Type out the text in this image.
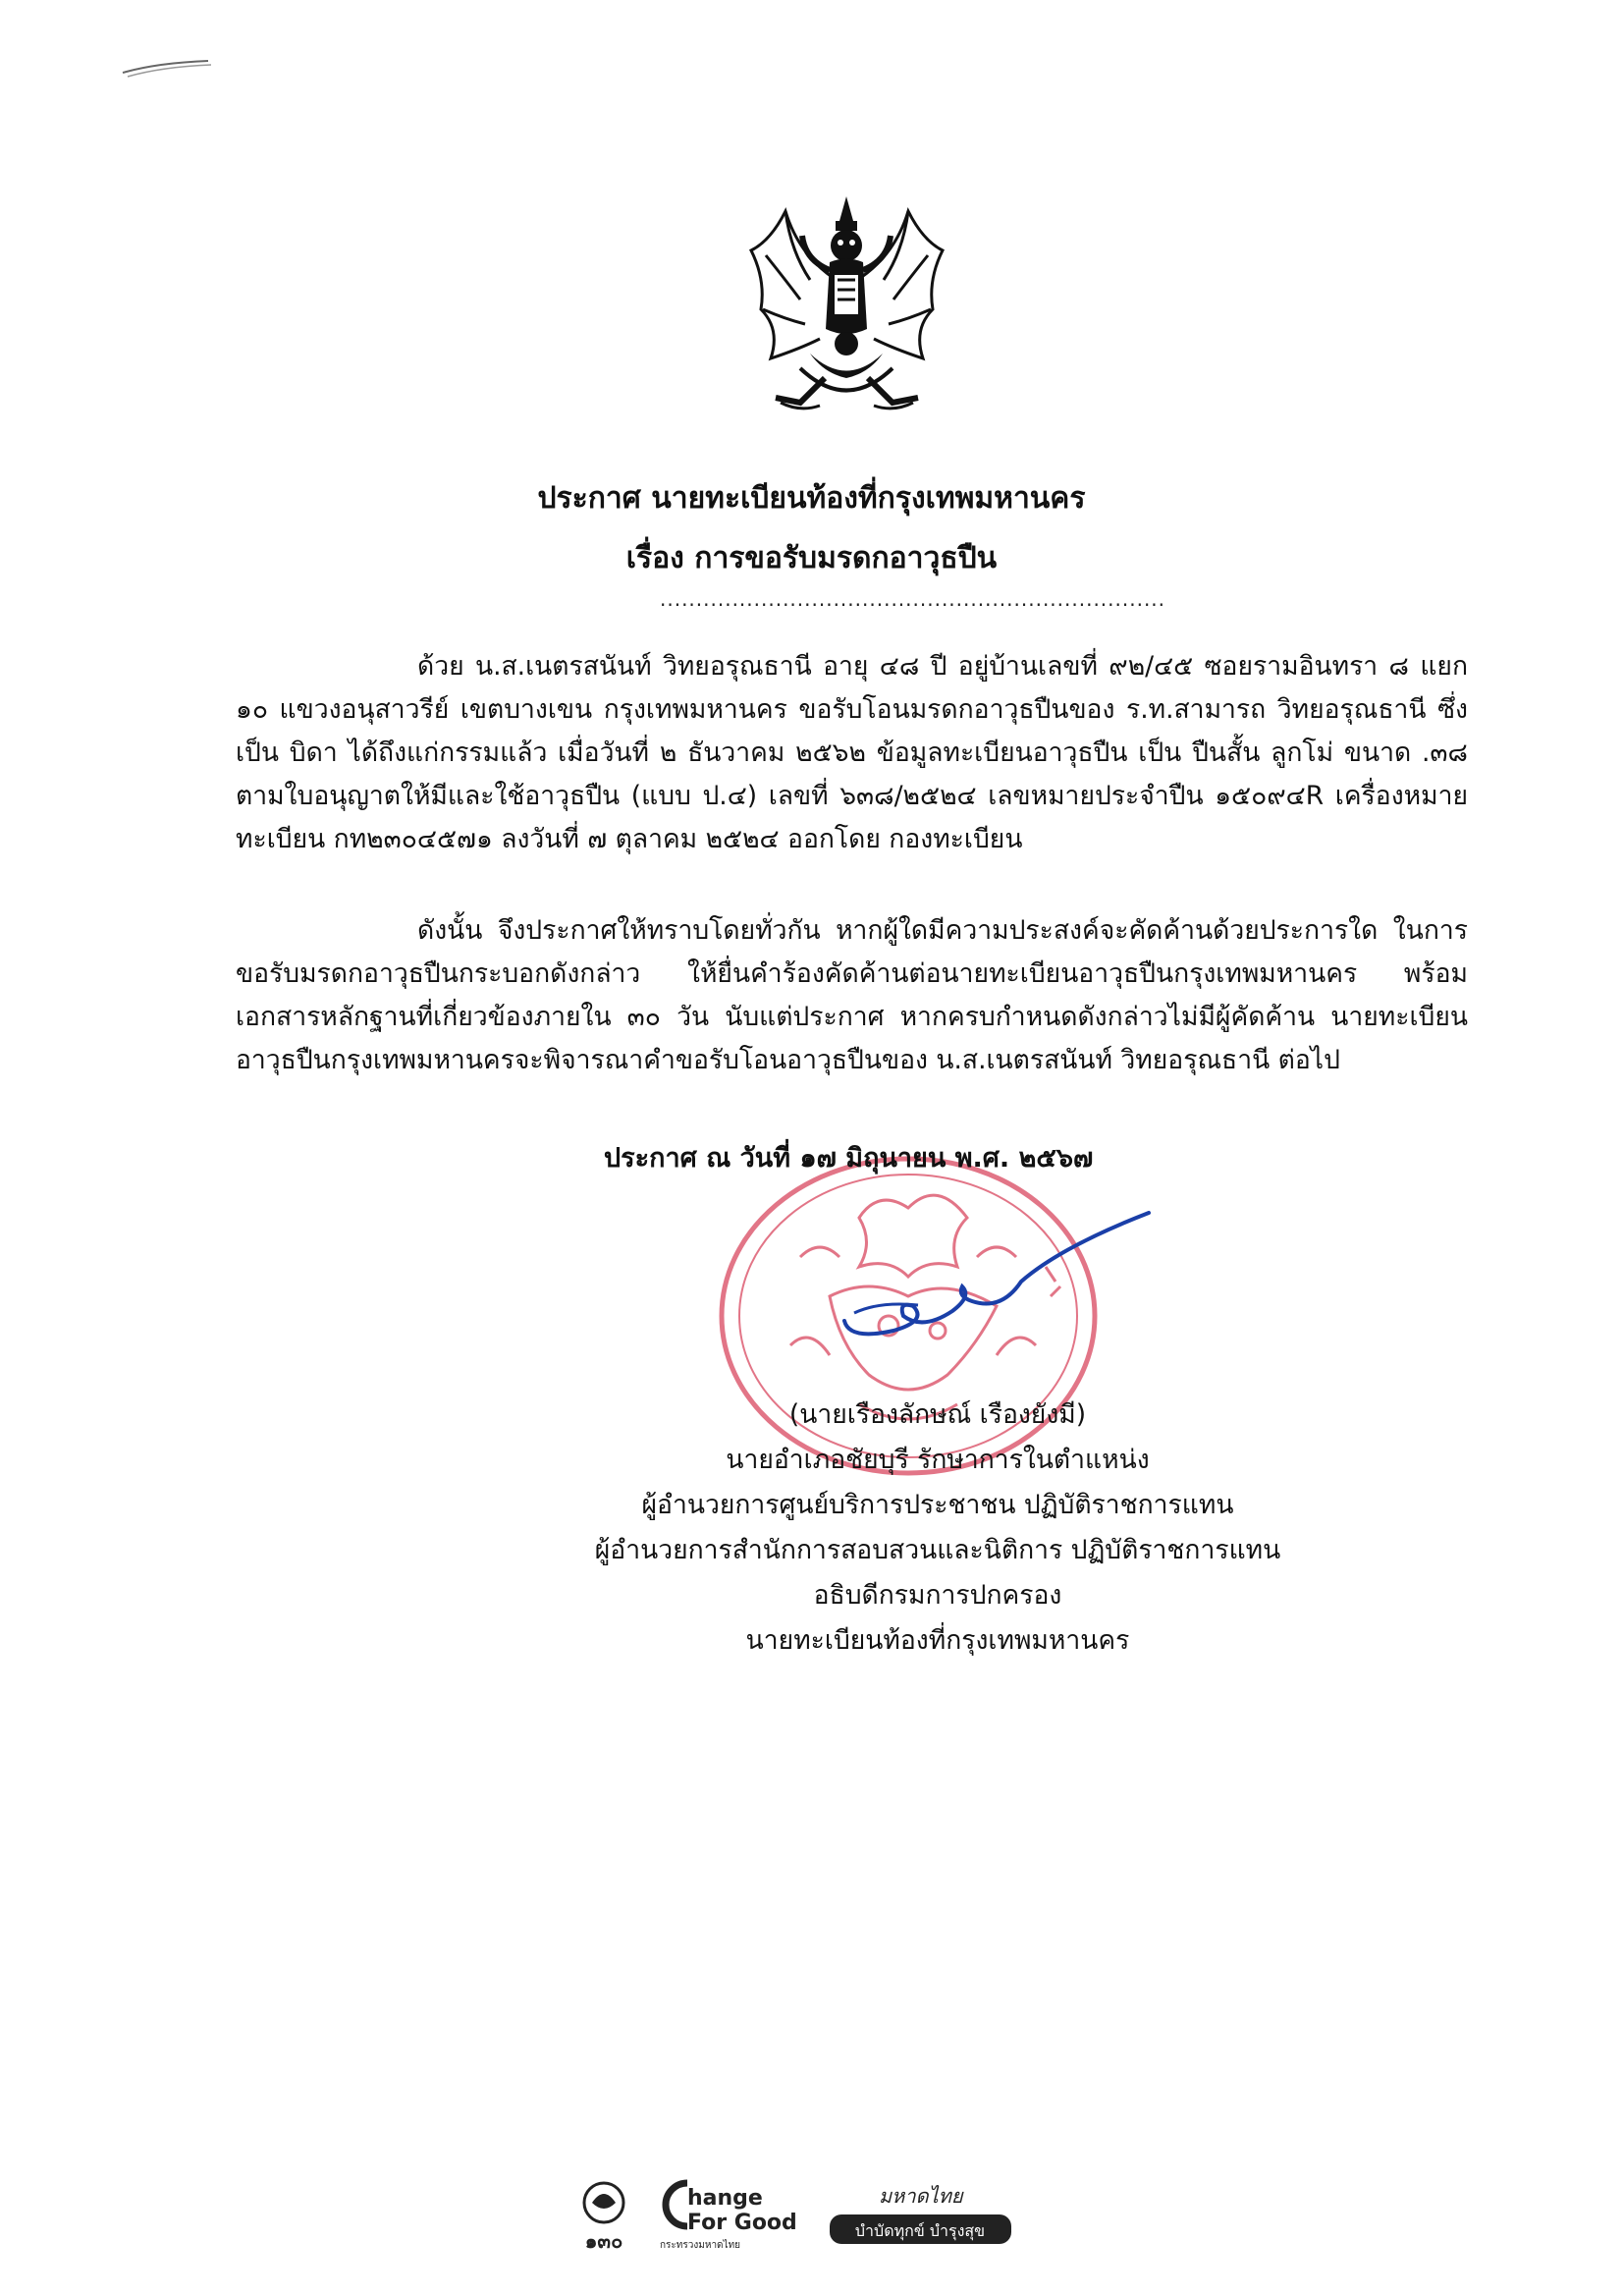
ประกาศ นายทะเบียนท้องที่กรุงเทพมหานคร
เรื่อง การขอรับมรดกอาวุธปืน
......................................................................
ด้วย น.ส.เนตรสนันท์ วิทยอรุณธานี อายุ ๔๘ ปี อยู่บ้านเลขที่ ๙๒/๔๕ ซอยรามอินทรา ๘ แยก ๑๐ แขวงอนุสาวรีย์ เขตบางเขน กรุงเทพมหานคร ขอรับโอนมรดกอาวุธปืนของ ร.ท.สามารถ วิทยอรุณธานี ซึ่งเป็น บิดา ได้ถึงแก่กรรมแล้ว เมื่อวันที่ ๒ ธันวาคม ๒๕๖๒ ข้อมูลทะเบียนอาวุธปืน เป็น ปืนสั้น ลูกโม่ ขนาด .๓๘ ตามใบอนุญาตให้มีและใช้อาวุธปืน (แบบ ป.๔) เลขที่ ๖๓๘/๒๕๒๔ เลขหมายประจำปืน ๑๕๐๙๔R เครื่องหมายทะเบียน กท๒๓๐๔๕๗๑ ลงวันที่ ๗ ตุลาคม ๒๕๒๔ ออกโดย กองทะเบียน
ดังนั้น จึงประกาศให้ทราบโดยทั่วกัน หากผู้ใดมีความประสงค์จะคัดค้านด้วยประการใด ในการขอรับมรดกอาวุธปืนกระบอกดังกล่าว ให้ยื่นคำร้องคัดค้านต่อนายทะเบียนอาวุธปืนกรุงเทพมหานคร พร้อมเอกสารหลักฐานที่เกี่ยวข้องภายใน ๓๐ วัน นับแต่ประกาศ หากครบกำหนดดังกล่าวไม่มีผู้คัดค้าน นายทะเบียนอาวุธปืนกรุงเทพมหานครจะพิจารณาคำขอรับโอนอาวุธปืนของ น.ส.เนตรสนันท์ วิทยอรุณธานี ต่อไป
ประกาศ ณ วันที่ ๑๗ มิถุนายน พ.ศ. ๒๕๖๗
(นายเรืองลักษณ์ เรืองยังมี)
นายอำเภอชัยบุรี รักษาการในตำแหน่ง
ผู้อำนวยการศูนย์บริการประชาชน ปฏิบัติราชการแทน
ผู้อำนวยการสำนักการสอบสวนและนิติการ ปฏิบัติราชการแทน
อธิบดีกรมการปกครอง
นายทะเบียนท้องที่กรุงเทพมหานคร
๑๓๐
hange
For Good
กระทรวงมหาดไทย
มหาดไทย
บำบัดทุกข์ บำรุงสุข
